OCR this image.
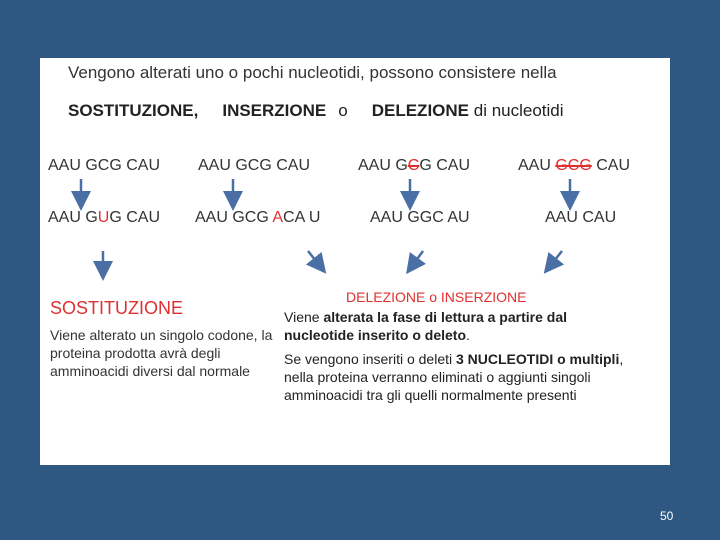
Vengono alterati uno o pochi nucleotidi, possono consistere nella
SOSTITUZIONE, INSERZIONE o DELEZIONE di nucleotidi
AAU GCG CAU
AAU GUG CAU
AAU GCG CAU
AAU GCG ACA U
AAU GCG CAU
AAU GGC AU
AAU GCG CAU
AAU CAU
SOSTITUZIONE
Viene alterato un singolo codone, la proteina prodotta avrà degli amminoacidi diversi dal normale
DELEZIONE o INSERZIONE
Viene alterata la fase di lettura a partire dal nucleotide inserito o deleto.
Se vengono inseriti o deleti 3 NUCLEOTIDI o multipli, nella proteina verranno eliminati o aggiunti singoli amminoacidi tra gli quelli normalmente presenti
50
